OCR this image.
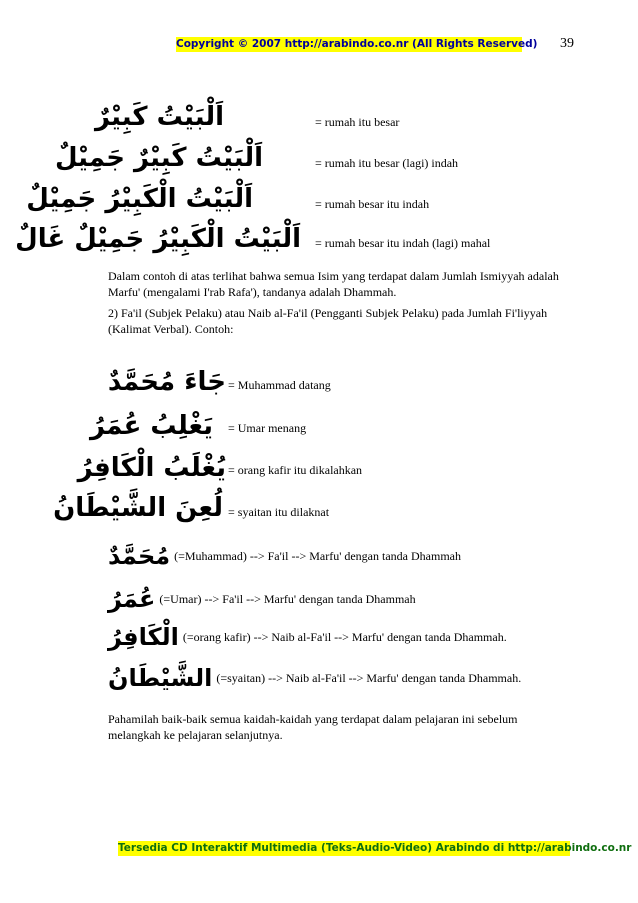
Copyright © 2007 http://arabindo.co.nr (All Rights Reserved) 39
اَلْبَيْتُ كَبِيْرٌ	= rumah itu besar
اَلْبَيْتُ كَبِيْرٌ جَمِيْلٌ	= rumah itu besar (lagi) indah
اَلْبَيْتُ الْكَبِيْرُ جَمِيْلٌ	= rumah besar itu indah
اَلْبَيْتُ الْكَبِيْرُ جَمِيْلٌ غَالٌ = rumah besar itu indah (lagi) mahal
Dalam contoh di atas terlihat bahwa semua Isim yang terdapat dalam Jumlah Ismiyyah adalah Marfu' (mengalami I'rab Rafa'), tandanya adalah Dhammah.
2) Fa'il (Subjek Pelaku) atau Naib al-Fa'il (Pengganti Subjek Pelaku) pada Jumlah Fi'liyyah (Kalimat Verbal). Contoh:
جَاءَ مُحَمَّدٌ = Muhammad datang
يَغْلِبُ عُمَرُ = Umar menang
يُغْلَبُ الْكَافِرُ = orang kafir itu dikalahkan
لُعِنَ الشَّيْطَانُ = syaitan itu dilaknat
مُحَمَّدٌ (=Muhammad) --> Fa'il --> Marfu' dengan tanda Dhammah
عُمَرُ (=Umar) --> Fa'il --> Marfu' dengan tanda Dhammah
الْكَافِرُ (=orang kafir) --> Naib al-Fa'il --> Marfu' dengan tanda Dhammah.
الشَّيْطَانُ (=syaitan) --> Naib al-Fa'il --> Marfu' dengan tanda Dhammah.
Pahamilah baik-baik semua kaidah-kaidah yang terdapat dalam pelajaran ini sebelum melangkah ke pelajaran selanjutnya.
Tersedia CD Interaktif Multimedia (Teks-Audio-Video) Arabindo di http://arabindo.co.nr
